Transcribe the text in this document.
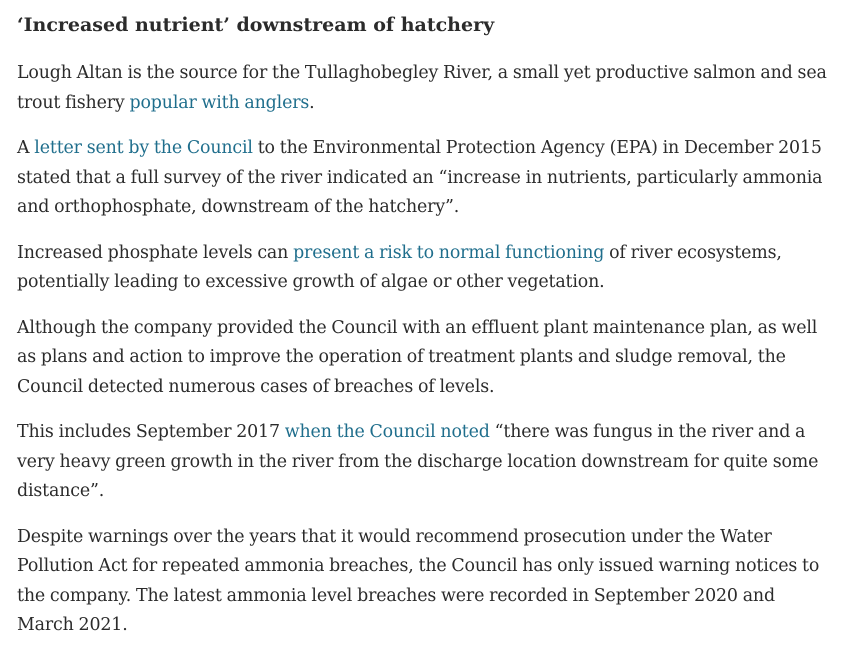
‘Increased nutrient’ downstream of hatchery

Lough Altan is the source for the Tullaghobegley River, a small yet productive salmon and sea trout fishery popular with anglers.

A letter sent by the Council to the Environmental Protection Agency (EPA) in December 2015 stated that a full survey of the river indicated an “increase in nutrients, particularly ammonia and orthophosphate, downstream of the hatchery”.

Increased phosphate levels can present a risk to normal functioning of river ecosystems, potentially leading to excessive growth of algae or other vegetation.

Although the company provided the Council with an effluent plant maintenance plan, as well as plans and action to improve the operation of treatment plants and sludge removal, the Council detected numerous cases of breaches of levels.

This includes September 2017 when the Council noted “there was fungus in the river and a very heavy green growth in the river from the discharge location downstream for quite some distance”.

Despite warnings over the years that it would recommend prosecution under the Water Pollution Act for repeated ammonia breaches, the Council has only issued warning notices to the company. The latest ammonia level breaches were recorded in September 2020 and March 2021.
